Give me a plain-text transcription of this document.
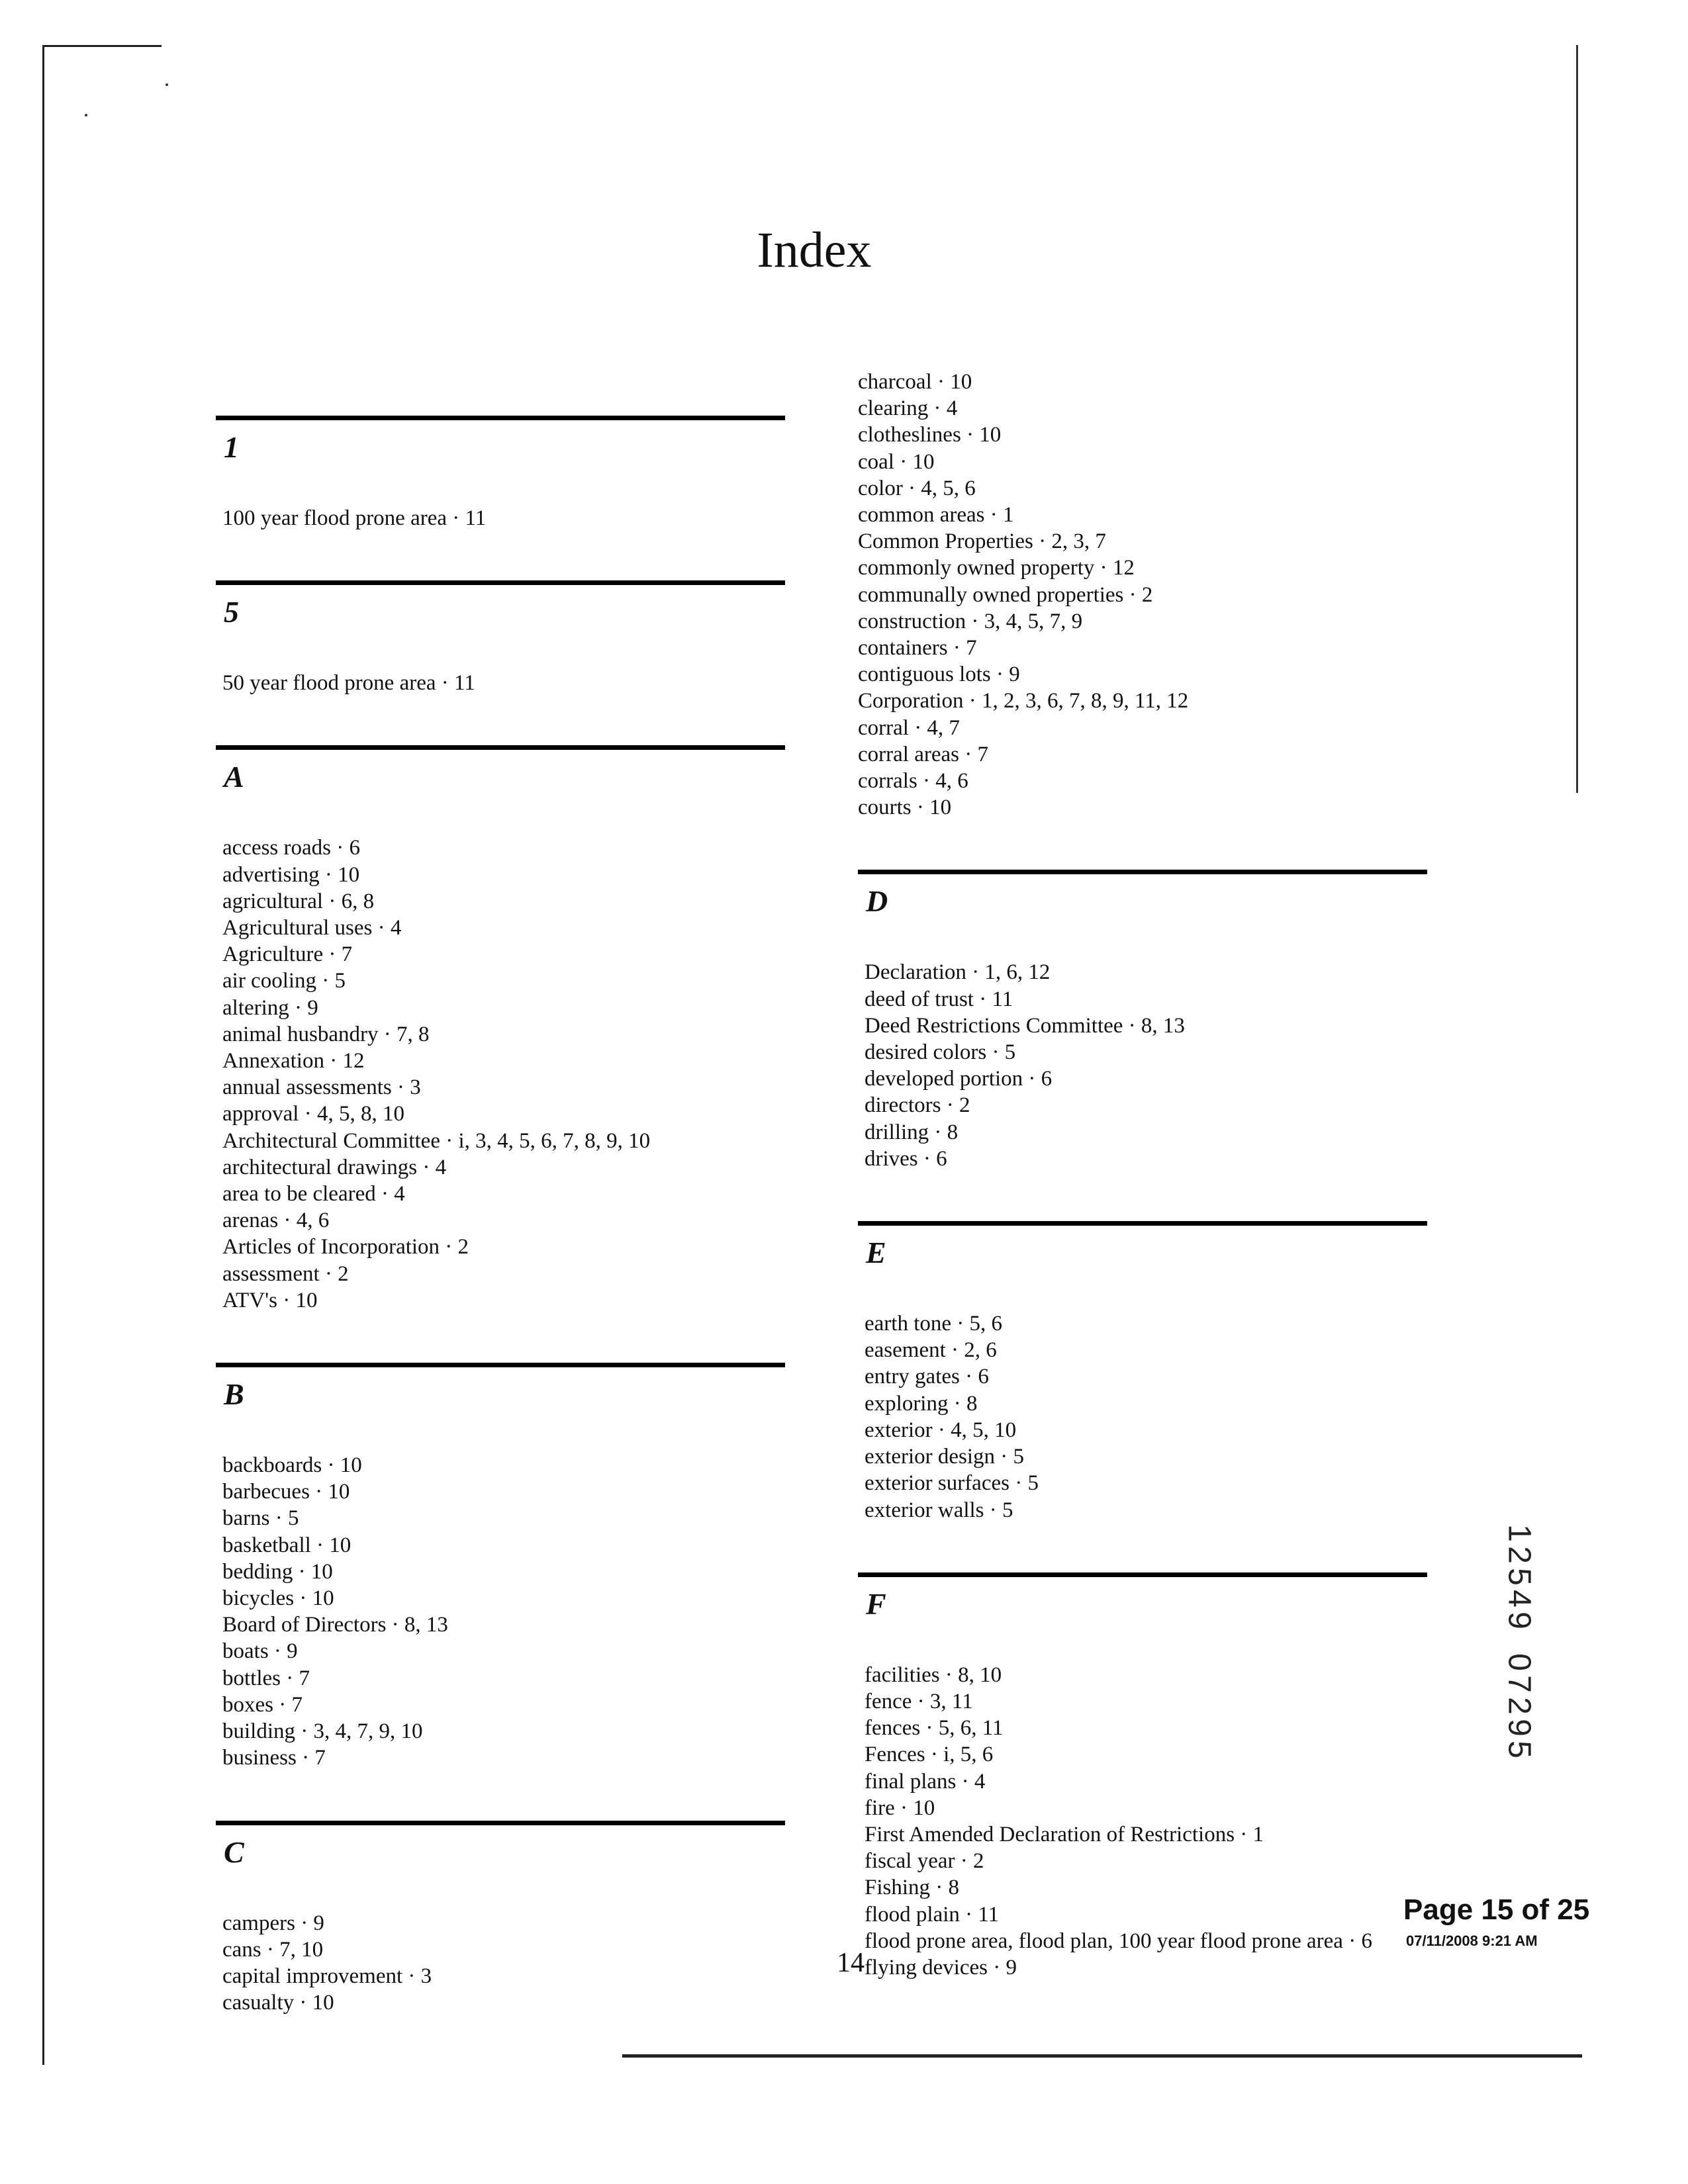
Index
1
100 year flood prone area · 11
5
50 year flood prone area · 11
A
access roads · 6
advertising · 10
agricultural · 6, 8
Agricultural uses · 4
Agriculture · 7
air cooling · 5
altering · 9
animal husbandry · 7, 8
Annexation · 12
annual assessments · 3
approval · 4, 5, 8, 10
Architectural Committee · i, 3, 4, 5, 6, 7, 8, 9, 10
architectural drawings · 4
area to be cleared · 4
arenas · 4, 6
Articles of Incorporation · 2
assessment · 2
ATV's · 10
B
backboards · 10
barbecues · 10
barns · 5
basketball · 10
bedding · 10
bicycles · 10
Board of Directors · 8, 13
boats · 9
bottles · 7
boxes · 7
building · 3, 4, 7, 9, 10
business · 7
C
campers · 9
cans · 7, 10
capital improvement · 3
casualty · 10
charcoal · 10
clearing · 4
clotheslines · 10
coal · 10
color · 4, 5, 6
common areas · 1
Common Properties · 2, 3, 7
commonly owned property · 12
communally owned properties · 2
construction · 3, 4, 5, 7, 9
containers · 7
contiguous lots · 9
Corporation · 1, 2, 3, 6, 7, 8, 9, 11, 12
corral · 4, 7
corral areas · 7
corrals · 4, 6
courts · 10
D
Declaration · 1, 6, 12
deed of trust · 11
Deed Restrictions Committee · 8, 13
desired colors · 5
developed portion · 6
directors · 2
drilling · 8
drives · 6
E
earth tone · 5, 6
easement · 2, 6
entry gates · 6
exploring · 8
exterior · 4, 5, 10
exterior design · 5
exterior surfaces · 5
exterior walls · 5
F
facilities · 8, 10
fence · 3, 11
fences · 5, 6, 11
Fences · i, 5, 6
final plans · 4
fire · 10
First Amended Declaration of Restrictions · 1
fiscal year · 2
Fishing · 8
flood plain · 11
flood prone area, flood plan, 100 year flood prone area · 6
flying devices · 9
14
Page 15 of 25
07/11/2008 9:21 AM
1
2
5
4
9
0
7
2
9
5
